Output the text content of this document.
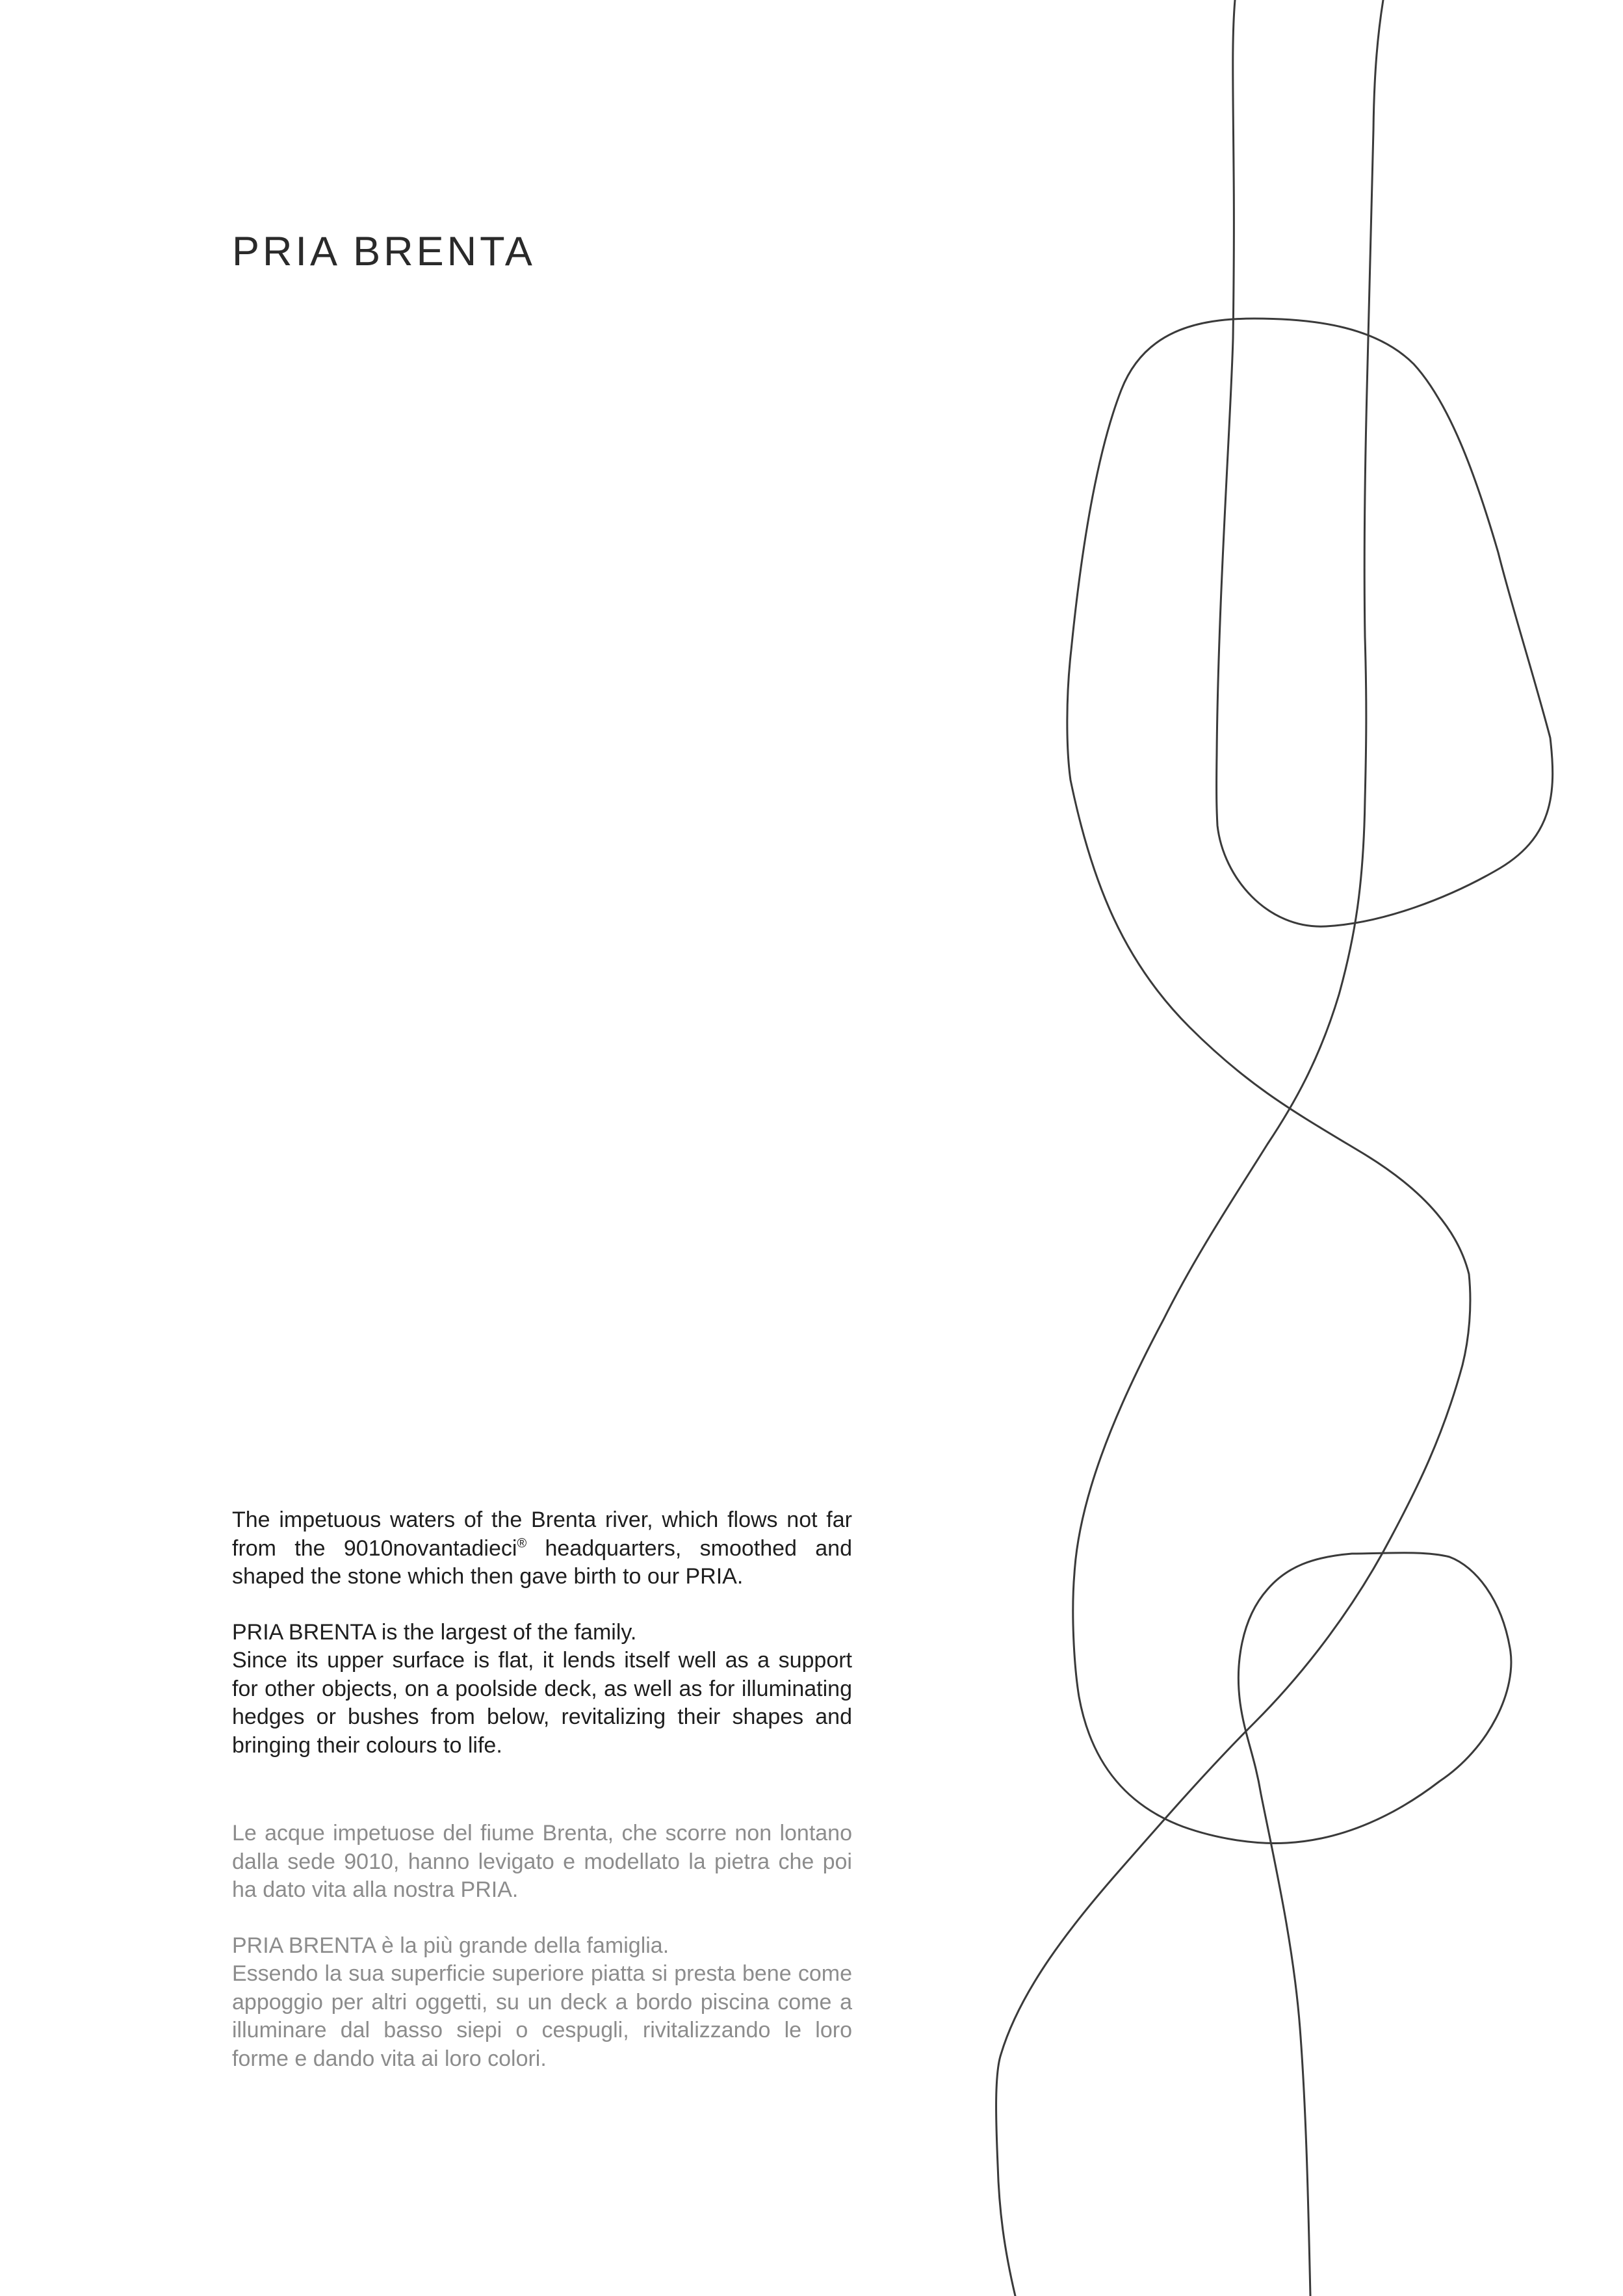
PRIA BRENTA

The impetuous waters of the Brenta river, which flows not far from the 9010novantadieci® headquarters, smoothed and shaped the stone which then gave birth to our PRIA.

PRIA BRENTA is the largest of the family.

Since its upper surface is flat, it lends itself well as a support for other objects, on a poolside deck, as well as for illuminating hedges or bushes from below, revitalizing their shapes and bringing their colours to life.

Le acque impetuose del fiume Brenta, che scorre non lontano dalla sede 9010, hanno levigato e modellato la pietra che poi ha dato vita alla nostra PRIA.

PRIA BRENTA è la più grande della famiglia.

Essendo la sua superficie superiore piatta si presta bene come appoggio per altri oggetti, su un deck a bordo piscina come a illuminare dal basso siepi o cespugli, rivitalizzando le loro forme e dando vita ai loro colori.
